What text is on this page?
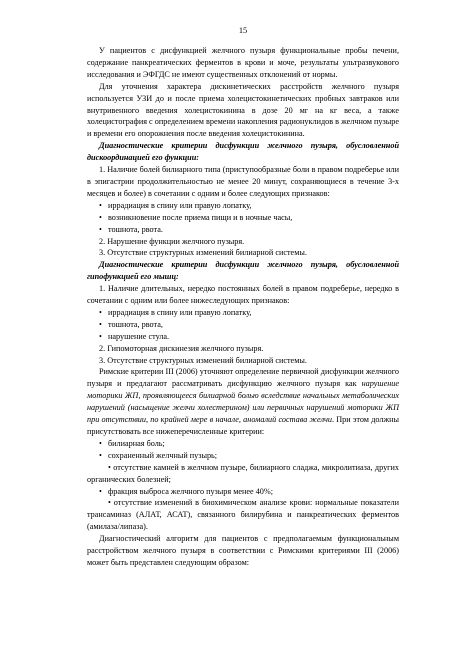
15

У пациентов с дисфункцией желчного пузыря функциональные пробы печени, содержание панкреатических ферментов в крови и моче, результаты ультразвукового исследования и ЭФГДС не имеют существенных отклонений от нормы.

Для уточнения характера дискинетических расстройств желчного пузыря используется УЗИ до и после приема холецистокинетических пробных завтраков или внутривенного введения холецистокинина в дозе 20 мг на кг веса, а также холецистография с определением времени накопления радионуклидов в желчном пузыре и времени его опорожнения после введения холецистокинина.

Диагностические критерии дисфункции желчного пузыря, обусловленной дискоординацией его функции:

1. Наличие болей билиарного типа (приступообразные боли в правом подреберье или в эпигастрии продолжительностью не менее 20 минут, сохраняющиеся в течение 3-х месяцев и более) в сочетании с одним и более следующих признаков:

• иррадиация в спину или правую лопатку,
• возникновение после приема пищи и в ночные часы,
• тошнота, рвота.

2. Нарушение функции желчного пузыря.

3. Отсутствие структурных изменений билиарной системы.

Диагностические критерии дисфункции желчного пузыря, обусловленной гипофункцией его мышц:

1. Наличие длительных, нередко постоянных болей в правом подреберье, нередко в сочетании с одним или более нижеследующих признаков:

• иррадиация в спину или правую лопатку,
• тошнота, рвота,
• нарушение стула.

2. Гипомоторная дискинезия желчного пузыря.

3. Отсутствие структурных изменений билиарной системы.

Римские критерии III (2006) уточняют определение первичной дисфункции желчного пузыря и предлагают рассматривать дисфункцию желчного пузыря как нарушение моторики ЖП, проявляющееся билиарной болью вследствие начальных метаболических нарушений (насыщение желчи холестерином) или первичных нарушений моторики ЖП при отсутствии, по крайней мере в начале, аномалий состава желчи. При этом должны присутствовать все нижеперечисленные критерии:

• билиарная боль;
• сохраненный желчный пузырь;
• отсутствие камней в желчном пузыре, билиарного сладжа, микролитиаза, других органических болезней;
• фракция выброса желчного пузыря менее 40%;
• отсутствие изменений в биохимическом анализе крови: нормальные показатели трансаминаз (АЛАТ, АСАТ), связанного билирубина и панкреатических ферментов (амилаза/липаза).

Диагностический алгоритм для пациентов с предполагаемым функциональным расстройством желчного пузыря в соответствии с Римскими критериями III (2006) может быть представлен следующим образом:
